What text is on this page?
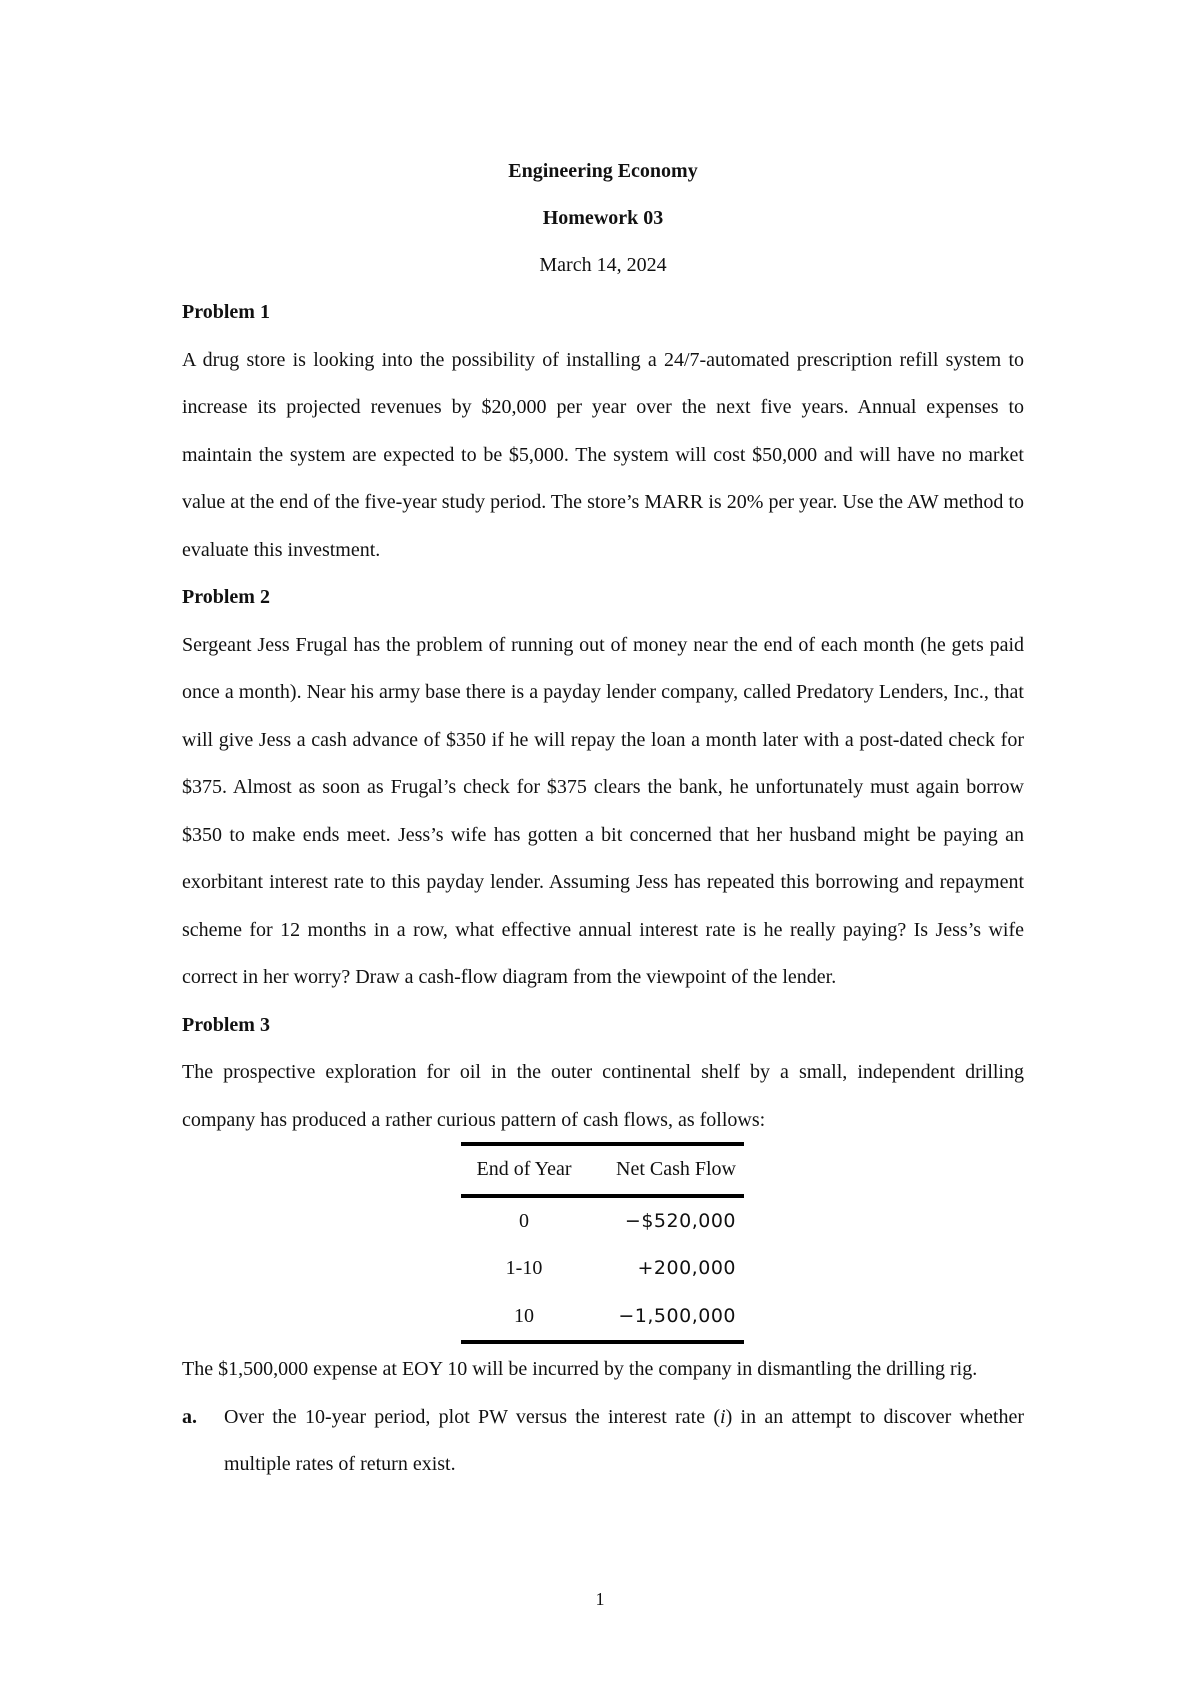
Engineering Economy
Homework 03
March 14, 2024
Problem 1

A drug store is looking into the possibility of installing a 24/7-automated prescription refill system to increase its projected revenues by $20,000 per year over the next five years. Annual expenses to maintain the system are expected to be $5,000. The system will cost $50,000 and will have no market value at the end of the five-year study period. The store’s MARR is 20% per year. Use the AW method to evaluate this investment.

Problem 2

Sergeant Jess Frugal has the problem of running out of money near the end of each month (he gets paid once a month). Near his army base there is a payday lender company, called Predatory Lenders, Inc., that will give Jess a cash advance of $350 if he will repay the loan a month later with a post-dated check for $375. Almost as soon as Frugal’s check for $375 clears the bank, he unfortunately must again borrow $350 to make ends meet. Jess’s wife has gotten a bit concerned that her husband might be paying an exorbitant interest rate to this payday lender. Assuming Jess has repeated this borrowing and repayment scheme for 12 months in a row, what effective annual interest rate is he really paying? Is Jess’s wife correct in her worry? Draw a cash-flow diagram from the viewpoint of the lender.

Problem 3

The prospective exploration for oil in the outer continental shelf by a small, independent drilling company has produced a rather curious pattern of cash flows, as follows:

End of Year	Net Cash Flow
0	−$520,000
1-10	+200,000
10	−1,500,000

The $1,500,000 expense at EOY 10 will be incurred by the company in dismantling the drilling rig.

a. Over the 10-year period, plot PW versus the interest rate (i) in an attempt to discover whether multiple rates of return exist.
1
